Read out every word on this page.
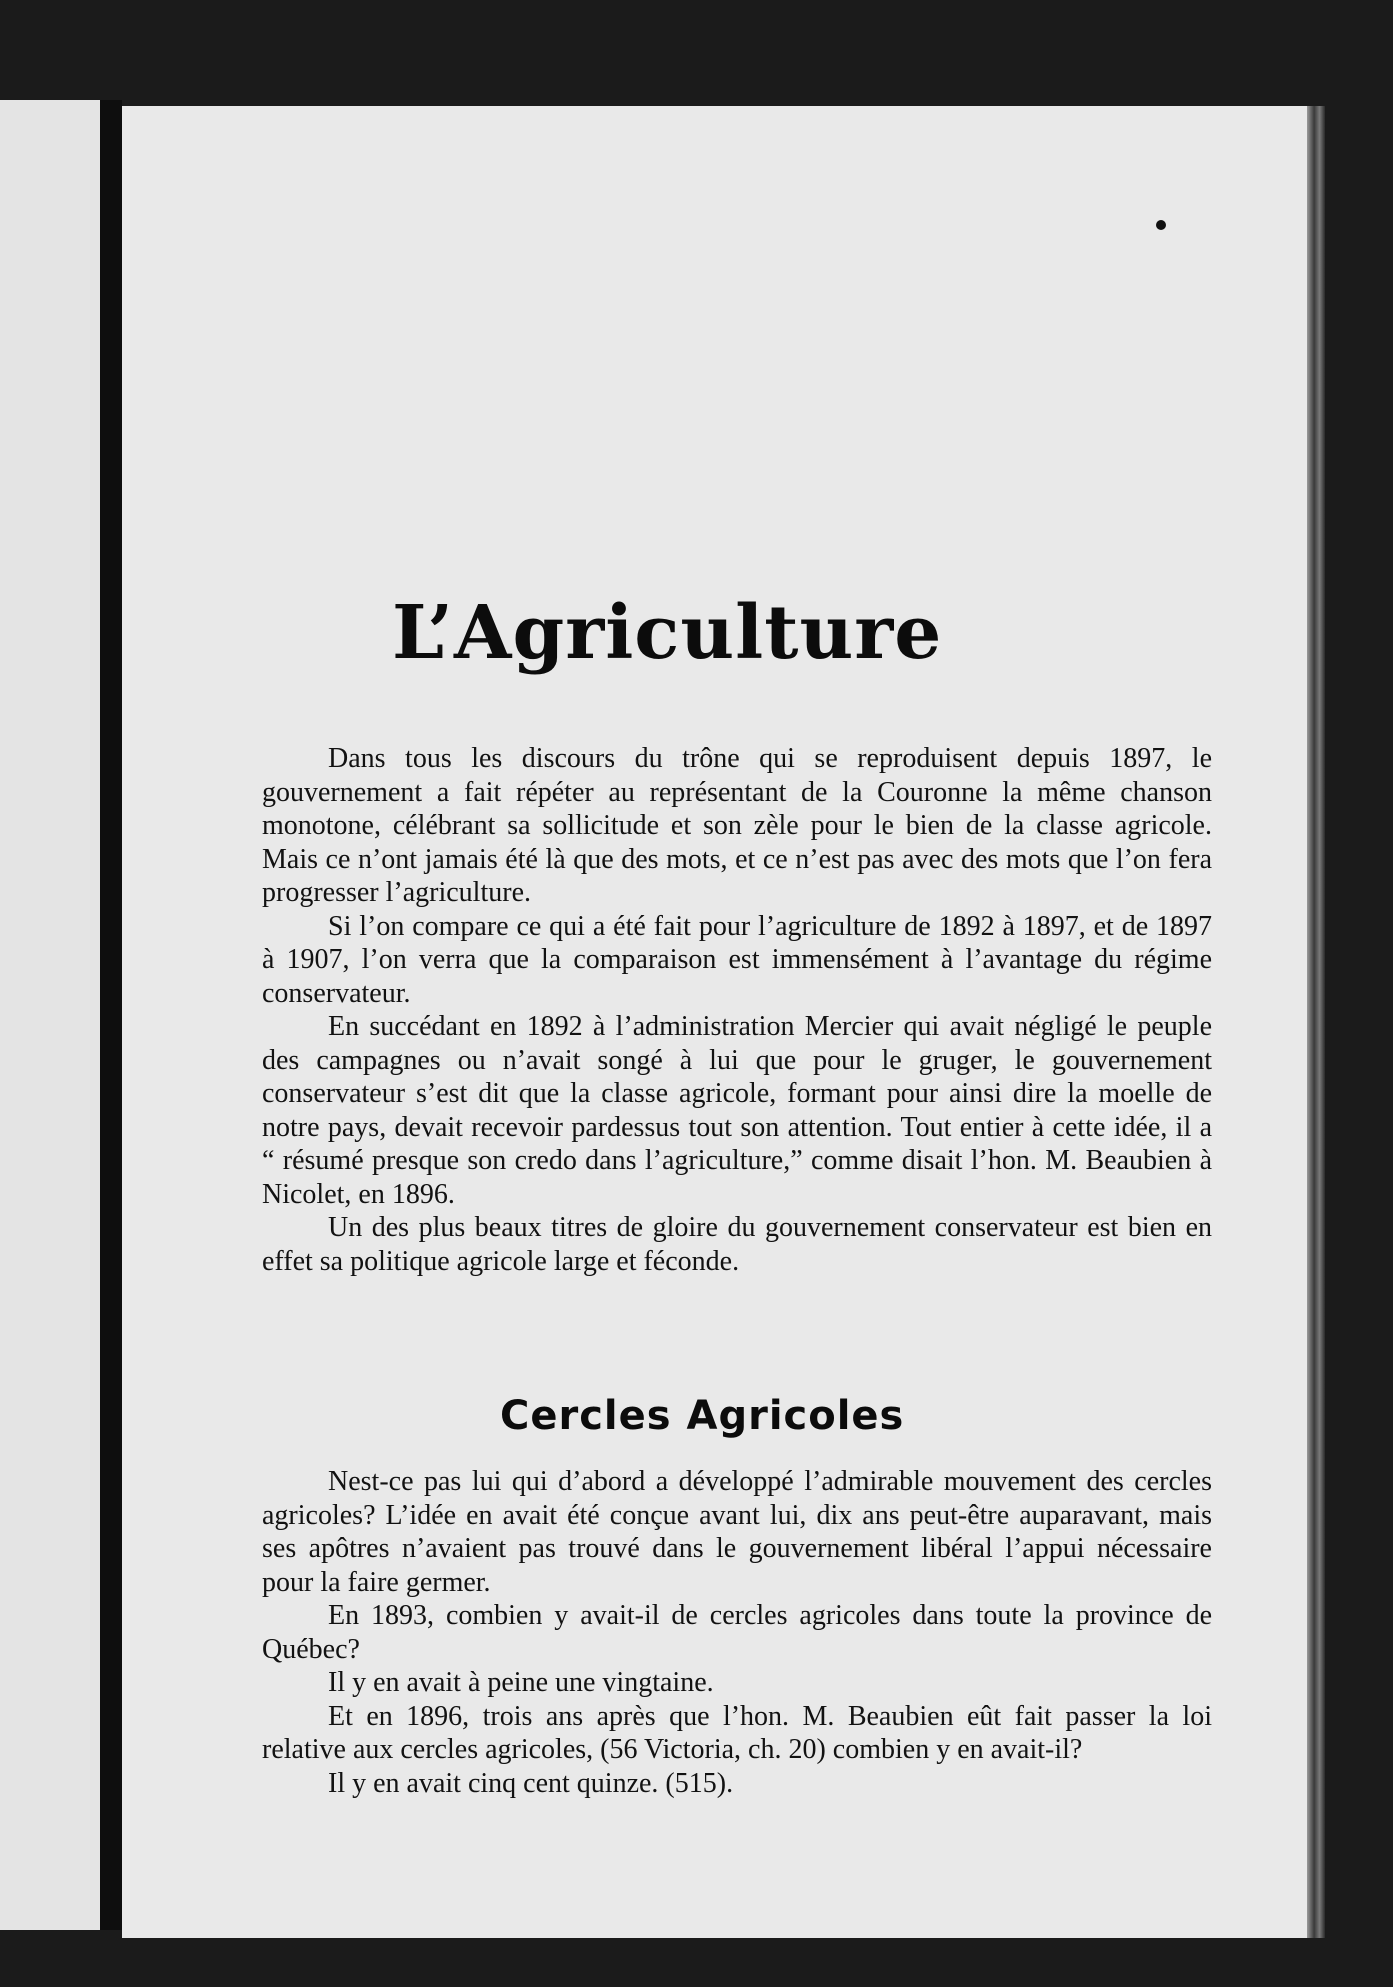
L’Agriculture

Dans tous les discours du trône qui se reproduisent depuis 1897, le gouvernement a fait répéter au représentant de la Couronne la même chanson monotone, célébrant sa sollicitude et son zèle pour le bien de la classe agricole. Mais ce n’ont jamais été là que des mots, et ce n’est pas avec des mots que l’on fera progresser l’agriculture.

Si l’on compare ce qui a été fait pour l’agriculture de 1892 à 1897, et de 1897 à 1907, l’on verra que la comparaison est immensément à l’avantage du régime conservateur.

En succédant en 1892 à l’administration Mercier qui avait négligé le peuple des campagnes ou n’avait songé à lui que pour le gruger, le gouvernement conservateur s’est dit que la classe agricole, formant pour ainsi dire la moelle de notre pays, devait recevoir pardessus tout son attention. Tout entier à cette idée, il a “ résumé presque son credo dans l’agriculture,” comme disait l’hon. M. Beaubien à Nicolet, en 1896.

Un des plus beaux titres de gloire du gouvernement conservateur est bien en effet sa politique agricole large et féconde.

Cercles Agricoles

Nest-ce pas lui qui d’abord a développé l’admirable mouvement des cercles agricoles? L’idée en avait été conçue avant lui, dix ans peut-être auparavant, mais ses apôtres n’avaient pas trouvé dans le gouvernement libéral l’appui nécessaire pour la faire germer.

En 1893, combien y avait-il de cercles agricoles dans toute la province de Québec?

Il y en avait à peine une vingtaine.

Et en 1896, trois ans après que l’hon. M. Beaubien eût fait passer la loi relative aux cercles agricoles, (56 Victoria, ch. 20) combien y en avait-il?

Il y en avait cinq cent quinze. (515).
